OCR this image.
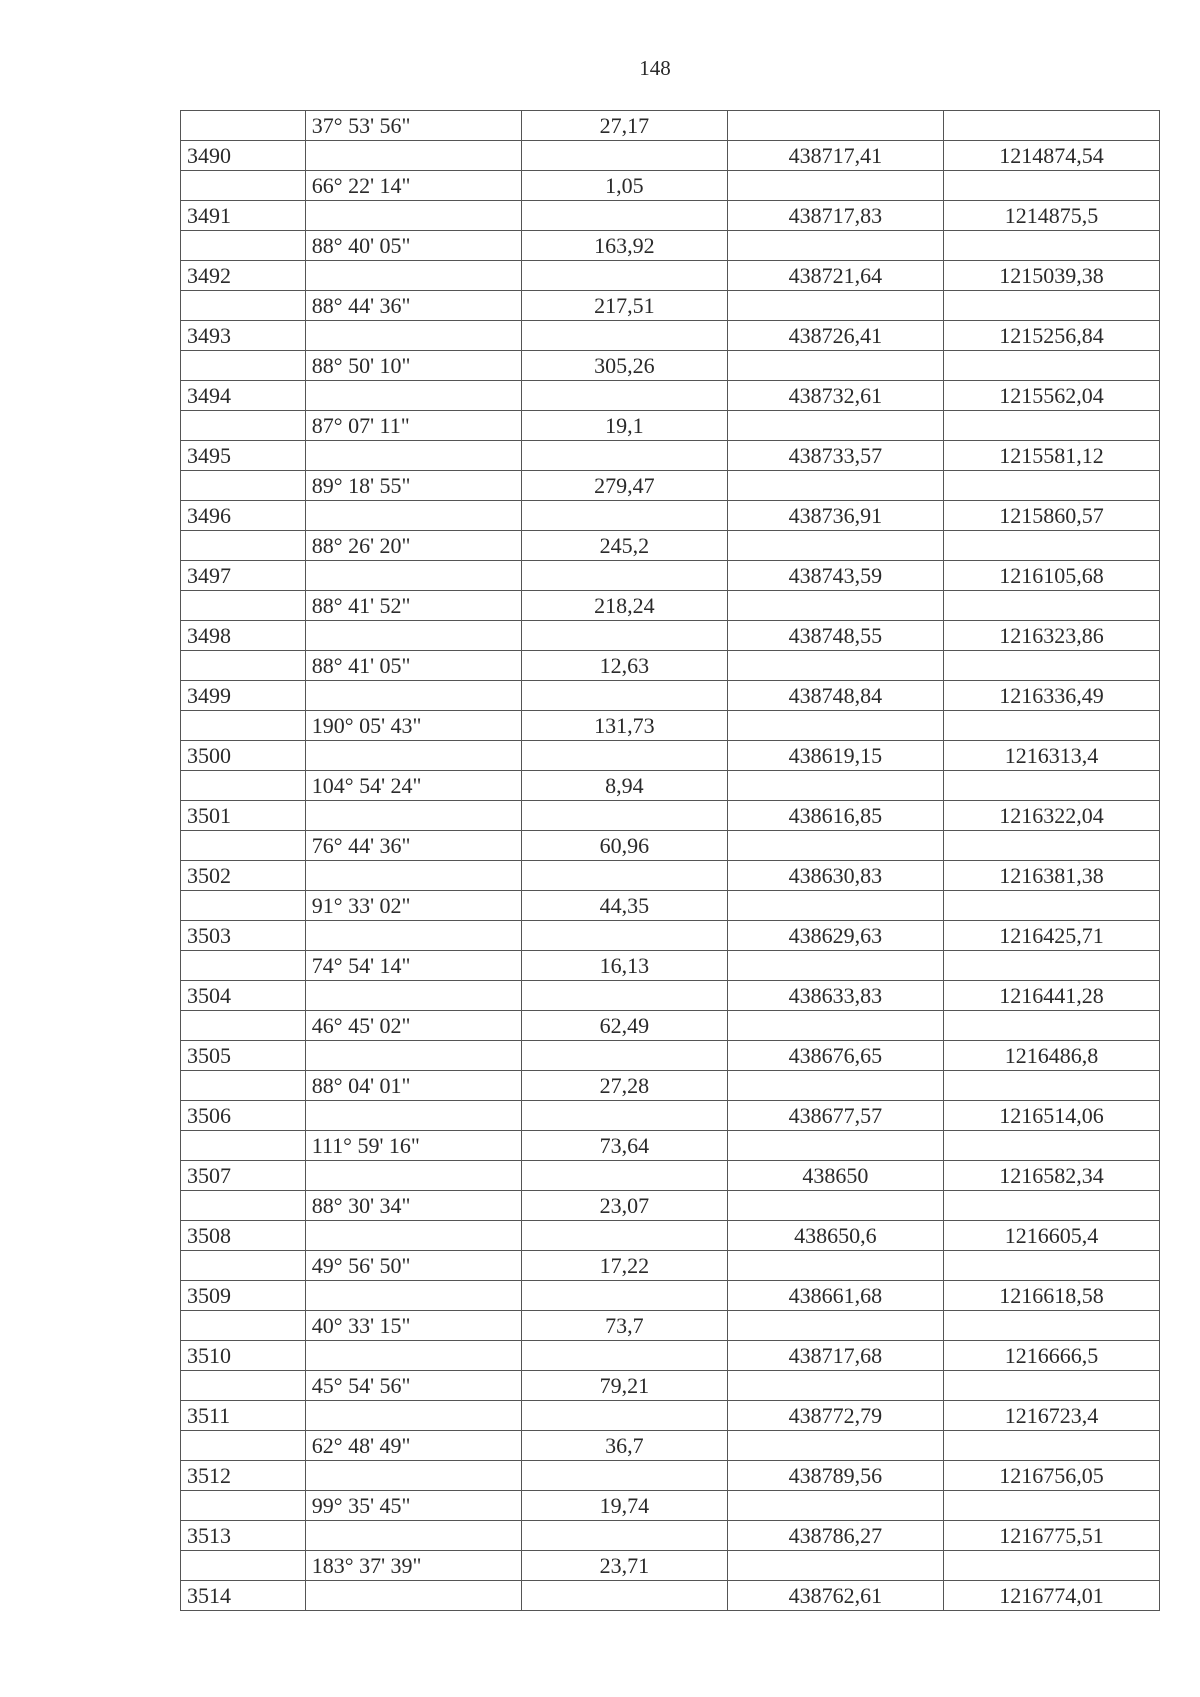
148
	37° 53' 56"	27,17		
3490			438717,41	1214874,54
	66° 22' 14"	1,05		
3491			438717,83	1214875,5
	88° 40' 05"	163,92		
3492			438721,64	1215039,38
	88° 44' 36"	217,51		
3493			438726,41	1215256,84
	88° 50' 10"	305,26		
3494			438732,61	1215562,04
	87° 07' 11"	19,1		
3495			438733,57	1215581,12
	89° 18' 55"	279,47		
3496			438736,91	1215860,57
	88° 26' 20"	245,2		
3497			438743,59	1216105,68
	88° 41' 52"	218,24		
3498			438748,55	1216323,86
	88° 41' 05"	12,63		
3499			438748,84	1216336,49
	190° 05' 43"	131,73		
3500			438619,15	1216313,4
	104° 54' 24"	8,94		
3501			438616,85	1216322,04
	76° 44' 36"	60,96		
3502			438630,83	1216381,38
	91° 33' 02"	44,35		
3503			438629,63	1216425,71
	74° 54' 14"	16,13		
3504			438633,83	1216441,28
	46° 45' 02"	62,49		
3505			438676,65	1216486,8
	88° 04' 01"	27,28		
3506			438677,57	1216514,06
	111° 59' 16"	73,64		
3507			438650	1216582,34
	88° 30' 34"	23,07		
3508			438650,6	1216605,4
	49° 56' 50"	17,22		
3509			438661,68	1216618,58
	40° 33' 15"	73,7		
3510			438717,68	1216666,5
	45° 54' 56"	79,21		
3511			438772,79	1216723,4
	62° 48' 49"	36,7		
3512			438789,56	1216756,05
	99° 35' 45"	19,74		
3513			438786,27	1216775,51
	183° 37' 39"	23,71		
3514			438762,61	1216774,01
